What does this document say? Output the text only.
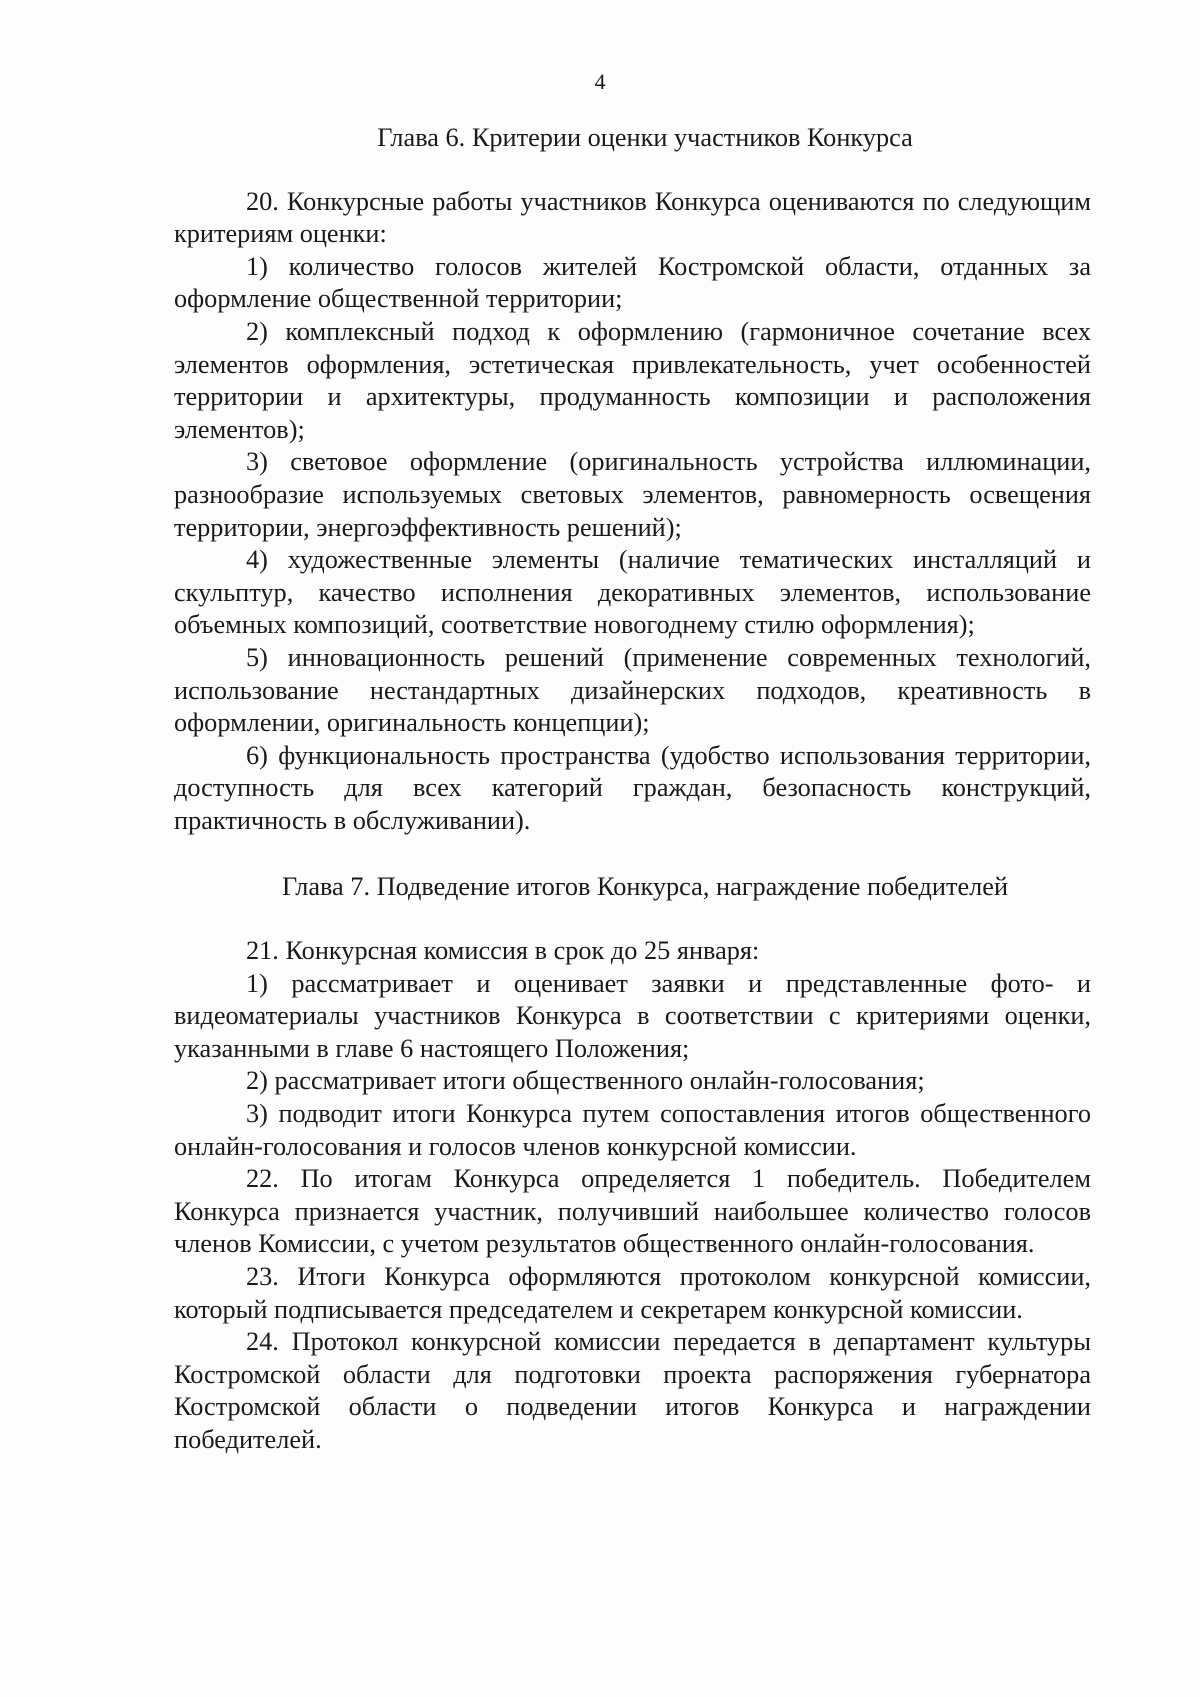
4
Глава 6. Критерии оценки участников Конкурса

20. Конкурсные работы участников Конкурса оцениваются по следующим критериям оценки:

1) количество голосов жителей Костромской области, отданных за оформление общественной территории;

2) комплексный подход к оформлению (гармоничное сочетание всех элементов оформления, эстетическая привлекательность, учет особенностей территории и архитектуры, продуманность композиции и расположения элементов);

3) световое оформление (оригинальность устройства иллюминации, разнообразие используемых световых элементов, равномерность освещения территории, энергоэффективность решений);

4) художественные элементы (наличие тематических инсталляций и скульптур, качество исполнения декоративных элементов, использование объемных композиций, соответствие новогоднему стилю оформления);

5) инновационность решений (применение современных технологий, использование нестандартных дизайнерских подходов, креативность в оформлении, оригинальность концепции);

6) функциональность пространства (удобство использования территории, доступность для всех категорий граждан, безопасность конструкций, практичность в обслуживании).

Глава 7. Подведение итогов Конкурса, награждение победителей

21. Конкурсная комиссия в срок до 25 января:

1) рассматривает и оценивает заявки и представленные фото- и видеоматериалы участников Конкурса в соответствии с критериями оценки, указанными в главе 6 настоящего Положения;

2) рассматривает итоги общественного онлайн-голосования;

3) подводит итоги Конкурса путем сопоставления итогов общественного онлайн-голосования и голосов членов конкурсной комиссии.

22. По итогам Конкурса определяется 1 победитель. Победителем Конкурса признается участник, получивший наибольшее количество голосов членов Комиссии, с учетом результатов общественного онлайн-голосования.

23. Итоги Конкурса оформляются протоколом конкурсной комиссии, который подписывается председателем и секретарем конкурсной комиссии.

24. Протокол конкурсной комиссии передается в департамент культуры Костромской области для подготовки проекта распоряжения губернатора Костромской области о подведении итогов Конкурса и награждении победителей.
